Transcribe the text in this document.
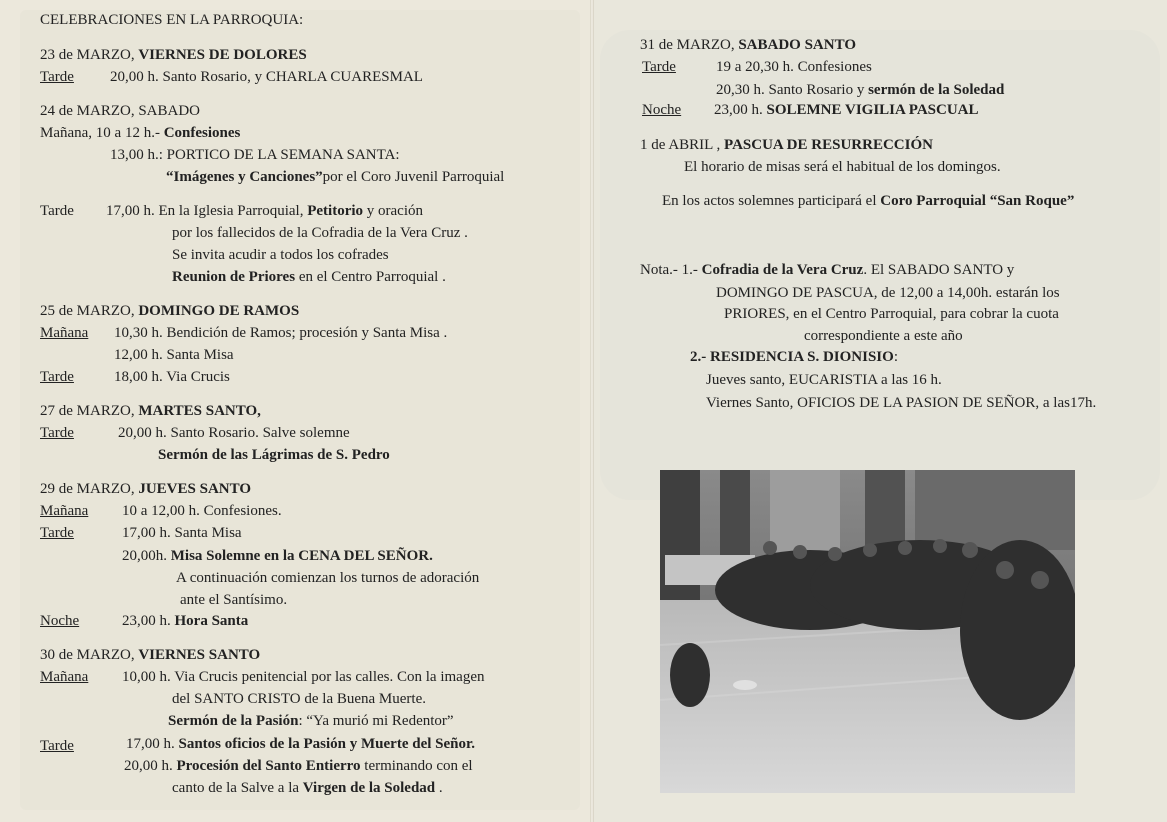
CELEBRACIONES EN LA PARROQUIA:
23 de MARZO, VIERNES DE DOLORES
Tarde 20,00 h. Santo Rosario, y CHARLA CUARESMAL
24 de MARZO, SABADO
Mañana, 10 a 12 h.- Confesiones
13,00 h.: PORTICO DE LA SEMANA SANTA:
“Imágenes y Canciones”por el Coro Juvenil Parroquial
Tarde 17,00 h. En la Iglesia Parroquial, Petitorio y oración
por los fallecidos de la Cofradia de la Vera Cruz .
Se invita acudir a todos los cofrades
Reunion de Priores en el Centro Parroquial .
25 de MARZO, DOMINGO DE RAMOS
Mañana 10,30 h. Bendición de Ramos; procesión y Santa Misa .
12,00 h. Santa Misa
Tarde	18,00 h. Via Crucis
27 de MARZO, MARTES SANTO,
Tarde	20,00 h. Santo Rosario. Salve solemne
Sermón de las Lágrimas de S. Pedro
29 de MARZO, JUEVES SANTO
Mañana 10 a 12,00 h. Confesiones.
Tarde	17,00 h. Santa Misa
20,00h. Misa Solemne en la CENA DEL SEÑOR.
A continuación comienzan los turnos de adoración
ante el Santísimo.
Noche	23,00 h. Hora Santa
30 de MARZO, VIERNES SANTO
Mañana 10,00 h. Via Crucis penitencial por las calles. Con la imagen
del SANTO CRISTO de la Buena Muerte.
Sermón de la Pasión: “Ya murió mi Redentor”
Tarde	17,00 h. Santos oficios de la Pasión y Muerte del Señor.
20,00 h. Procesión del Santo Entierro terminando con el
canto de la Salve a la Virgen de la Soledad .
31 de MARZO, SABADO SANTO
Tarde	19 a 20,30 h. Confesiones
20,30 h. Santo Rosario y sermón de la Soledad
Noche 23,00 h. SOLEMNE VIGILIA PASCUAL
1 de ABRIL , PASCUA DE RESURRECCIÓN
El horario de misas será el habitual de los domingos.
En los actos solemnes participará el Coro Parroquial “San Roque”
Nota.- 1.- Cofradia de la Vera Cruz. El SABADO SANTO y
DOMINGO DE PASCUA, de 12,00 a 14,00h. estarán los
PRIORES, en el Centro Parroquial, para cobrar la cuota
correspondiente a este año
2.- RESIDENCIA S. DIONISIO:
Jueves santo, EUCARISTIA a las 16 h.
Viernes Santo, OFICIOS DE LA PASION DE SEÑOR, a las17h.
